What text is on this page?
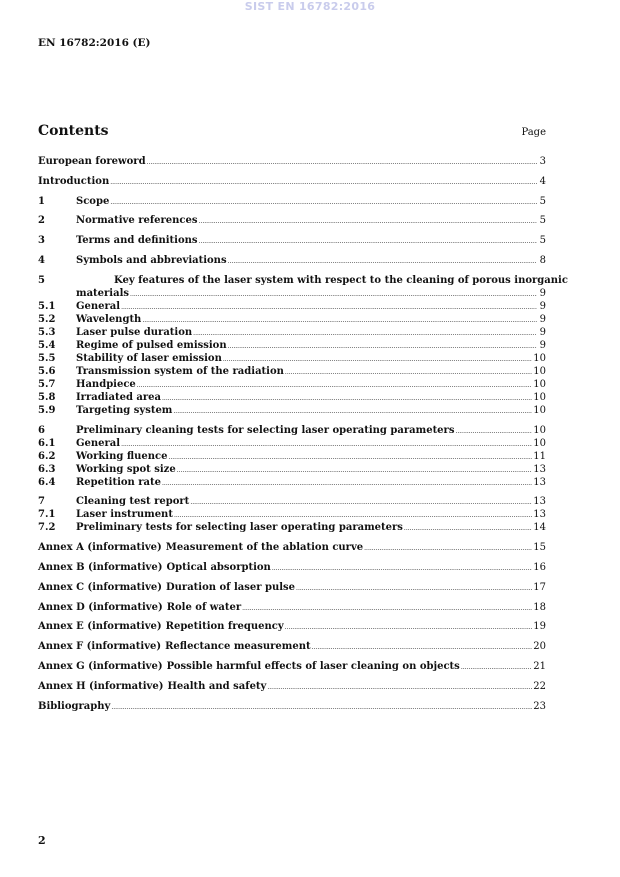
SIST EN 16782:2016
EN 16782:2016 (E)
Contents	Page
European foreword .....	3
Introduction .....	4
1	Scope .....	5
2	Normative references .....	5
3	Terms and definitions .....	5
4	Symbols and abbreviations .....	8
5	Key features of the laser system with respect to the cleaning of porous inorganic
materials .....	9
5.1	General .....	9
5.2	Wavelength .....	9
5.3	Laser pulse duration .....	9
5.4	Regime of pulsed emission .....	9
5.5	Stability of laser emission .....	10
5.6	Transmission system of the radiation .....	10
5.7	Handpiece .....	10
5.8	Irradiated area .....	10
5.9	Targeting system .....	10
6	Preliminary cleaning tests for selecting laser operating parameters .....	10
6.1	General .....	10
6.2	Working fluence .....	11
6.3	Working spot size .....	13
6.4	Repetition rate .....	13
7	Cleaning test report .....	13
7.1	Laser instrument .....	13
7.2	Preliminary tests for selecting laser operating parameters .....	14
Annex A (informative) Measurement of the ablation curve .....	15
Annex B (informative) Optical absorption .....	16
Annex C (informative) Duration of laser pulse .....	17
Annex D (informative) Role of water .....	18
Annex E (informative) Repetition frequency .....	19
Annex F (informative) Reflectance measurement .....	20
Annex G (informative) Possible harmful effects of laser cleaning on objects .....	21
Annex H (informative) Health and safety .....	22
Bibliography .....	23
2
